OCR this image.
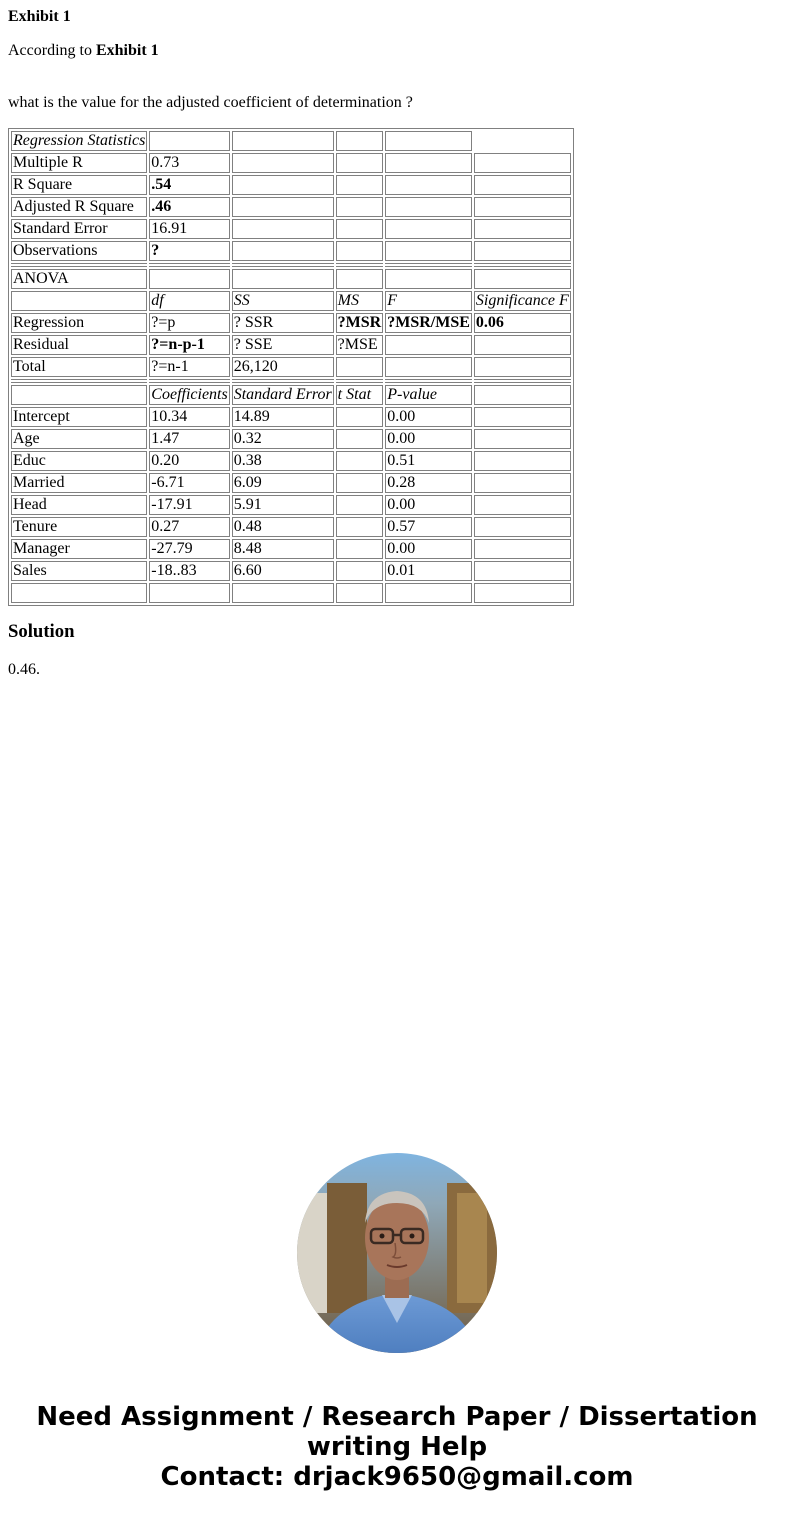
Exhibit 1
According to Exhibit 1
what is the value for the adjusted coefficient of determination ?
Regression Statistics					
Multiple R	0.73				
R Square	.54				
Adjusted R Square	.46				
Standard Error	16.91				
Observations	?				

ANOVA					
	df	SS	MS	F	Significance F
Regression	?=p	? SSR	?MSR	?MSR/MSE	0.06
Residual	?=n-p-1	? SSE	?MSE		
Total	?=n-1	26,120			

	Coefficients	Standard Error	t Stat	P-value	
Intercept	10.34	14.89		0.00	
Age	1.47	0.32		0.00	
Educ	0.20	0.38		0.51	
Married	-6.71	6.09		0.28	
Head	-17.91	5.91		0.00	
Tenure	0.27	0.48		0.57	
Manager	-27.79	8.48		0.00	
Sales	-18..83	6.60		0.01	

Solution
0.46.
Need Assignment / Research Paper / Dissertation
writing Help
Contact: drjack9650@gmail.com
